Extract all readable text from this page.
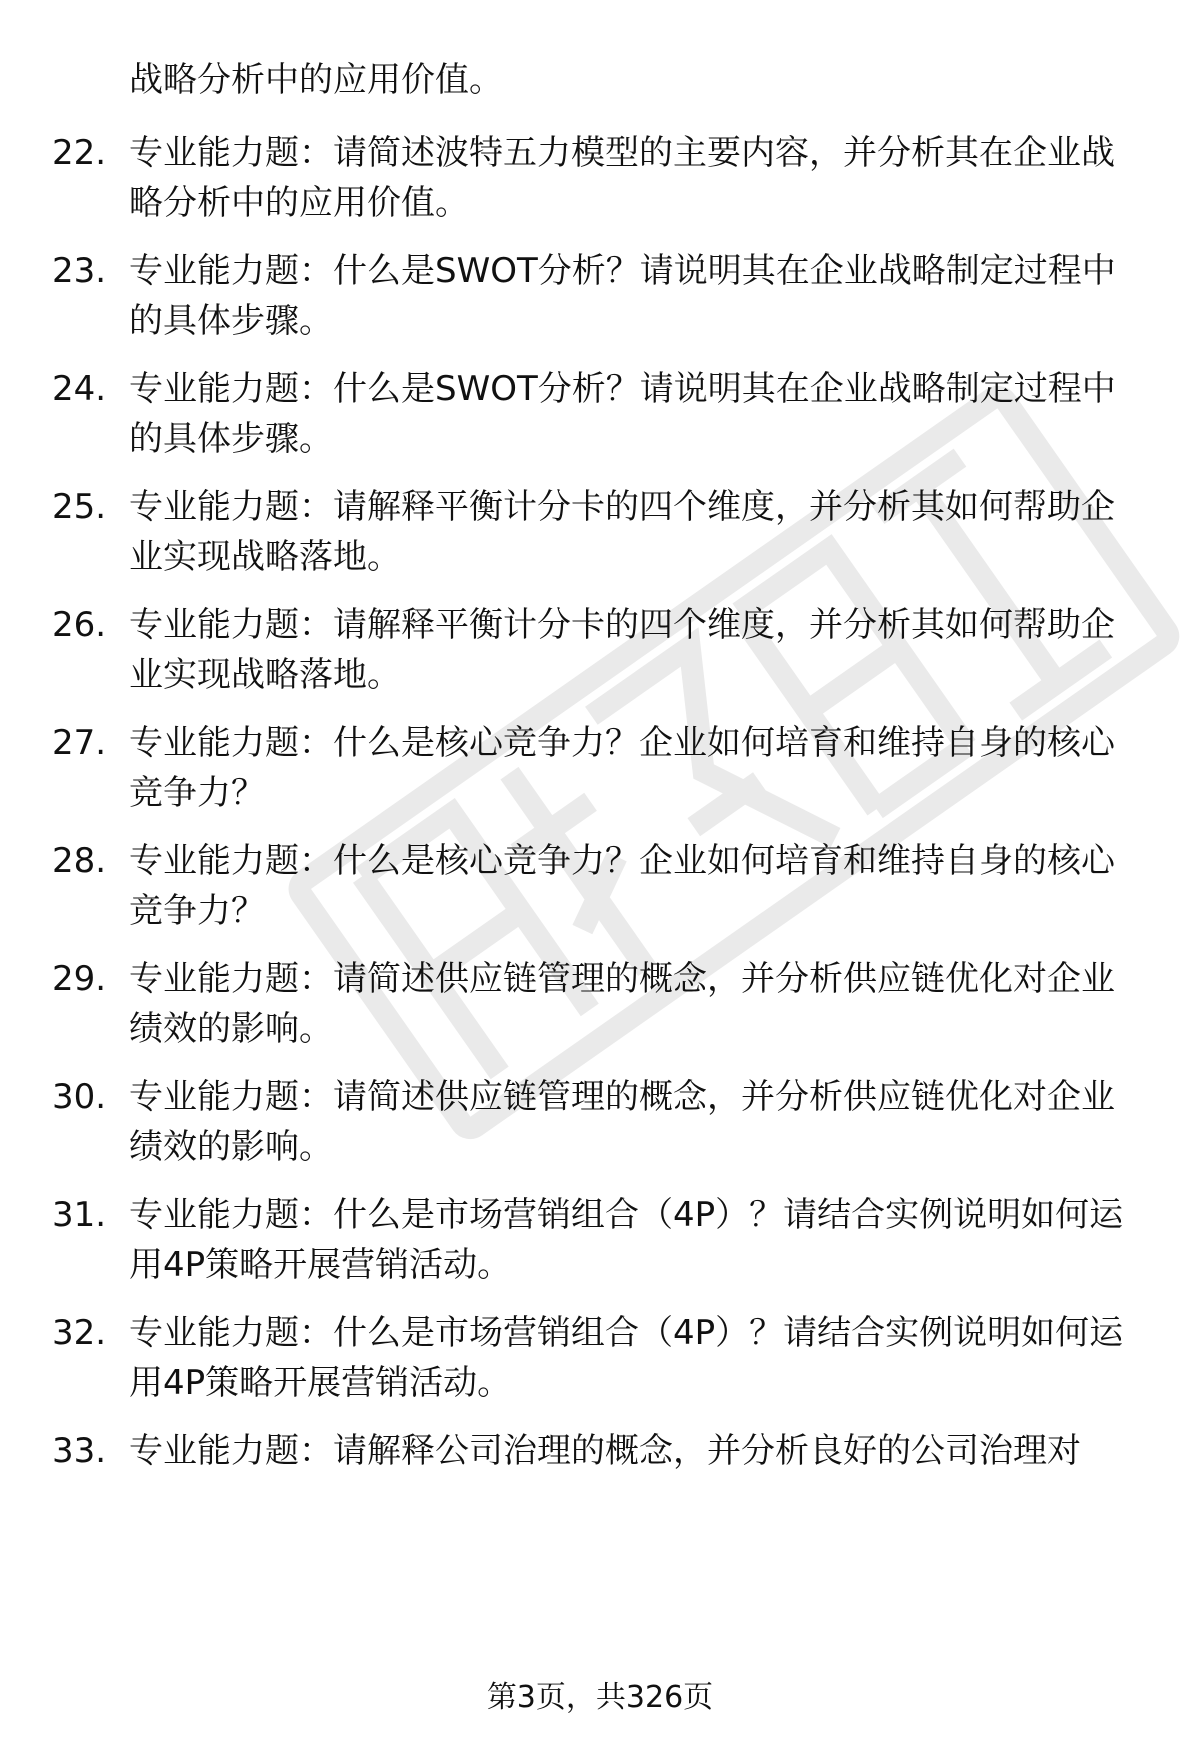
战略分析中的应用价值。
22. 专业能力题：请简述波特五力模型的主要内容，并分析其在企业战略分析中的应用价值。
23. 专业能力题：什么是SWOT分析？请说明其在企业战略制定过程中的具体步骤。
24. 专业能力题：什么是SWOT分析？请说明其在企业战略制定过程中的具体步骤。
25. 专业能力题：请解释平衡计分卡的四个维度，并分析其如何帮助企业实现战略落地。
26. 专业能力题：请解释平衡计分卡的四个维度，并分析其如何帮助企业实现战略落地。
27. 专业能力题：什么是核心竞争力？企业如何培育和维持自身的核心竞争力？
28. 专业能力题：什么是核心竞争力？企业如何培育和维持自身的核心竞争力？
29. 专业能力题：请简述供应链管理的概念，并分析供应链优化对企业绩效的影响。
30. 专业能力题：请简述供应链管理的概念，并分析供应链优化对企业绩效的影响。
31. 专业能力题：什么是市场营销组合（4P）？请结合实例说明如何运用4P策略开展营销活动。
32. 专业能力题：什么是市场营销组合（4P）？请结合实例说明如何运用4P策略开展营销活动。
33. 专业能力题：请解释公司治理的概念，并分析良好的公司治理对
第3页，共326页
